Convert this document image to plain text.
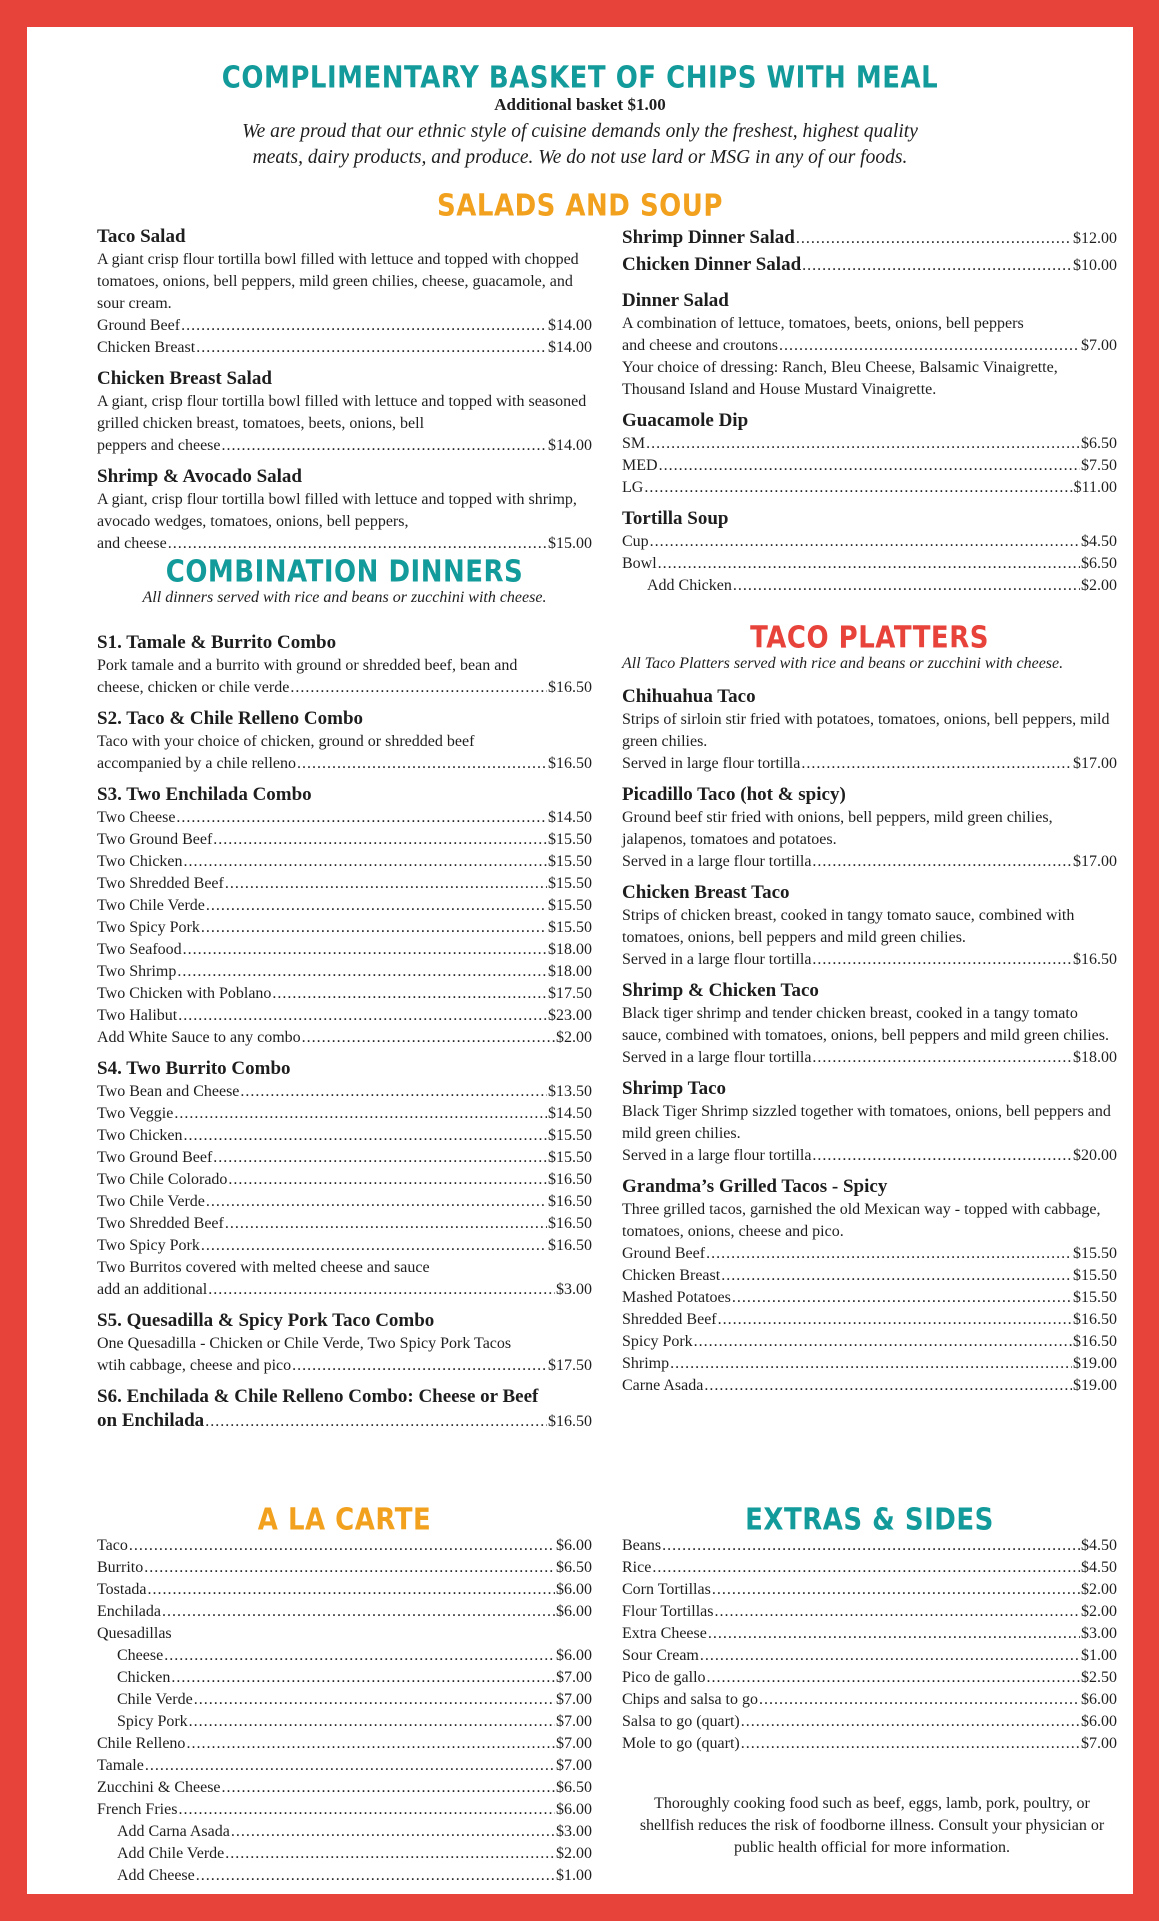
COMPLIMENTARY BASKET OF CHIPS WITH MEAL
Additional basket $1.00
We are proud that our ethnic style of cuisine demands only the freshest, highest quality meats, dairy products, and produce. We do not use lard or MSG in any of our foods.
SALADS AND SOUP
Taco Salad
A giant crisp flour tortilla bowl filled with lettuce and topped with chopped tomatoes, onions, bell peppers, mild green chilies, cheese, guacamole, and sour cream.
Ground Beef .....	$14.00
Chicken Breast .....	$14.00
Chicken Breast Salad
A giant, crisp flour tortilla bowl filled with lettuce and topped with seasoned grilled chicken breast, tomatoes, beets, onions, bell
peppers and cheese .....	$14.00
Shrimp & Avocado Salad
A giant, crisp flour tortilla bowl filled with lettuce and topped with shrimp, avocado wedges, tomatoes, onions, bell peppers,
and cheese .....	$15.00
COMBINATION DINNERS
All dinners served with rice and beans or zucchini with cheese.
S1. Tamale & Burrito Combo
Pork tamale and a burrito with ground or shredded beef, bean and
cheese, chicken or chile verde .....	$16.50
S2. Taco & Chile Relleno Combo
Taco with your choice of chicken, ground or shredded beef
accompanied by a chile relleno .....	$16.50
S3. Two Enchilada Combo
Two Cheese .....	$14.50
Two Ground Beef .....	$15.50
Two Chicken .....	$15.50
Two Shredded Beef .....	$15.50
Two Chile Verde .....	$15.50
Two Spicy Pork .....	$15.50
Two Seafood .....	$18.00
Two Shrimp .....	$18.00
Two Chicken with Poblano .....	$17.50
Two Halibut .....	$23.00
Add White Sauce to any combo .....	$2.00
S4. Two Burrito Combo
Two Bean and Cheese .....	$13.50
Two Veggie .....	$14.50
Two Chicken .....	$15.50
Two Ground Beef .....	$15.50
Two Chile Colorado .....	$16.50
Two Chile Verde .....	$16.50
Two Shredded Beef .....	$16.50
Two Spicy Pork .....	$16.50
Two Burritos covered with melted cheese and sauce
add an additional .....	$3.00
S5. Quesadilla & Spicy Pork Taco Combo
One Quesadilla - Chicken or Chile Verde, Two Spicy Pork Tacos
wtih cabbage, cheese and pico .....	$17.50
S6. Enchilada & Chile Relleno Combo: Cheese or Beef
on Enchilada .....	$16.50
A LA CARTE
Taco .....	$6.00
Burrito .....	$6.50
Tostada .....	$6.00
Enchilada .....	$6.00
Quesadillas
Cheese .....	$6.00
Chicken .....	$7.00
Chile Verde .....	$7.00
Spicy Pork .....	$7.00
Chile Relleno .....	$7.00
Tamale .....	$7.00
Zucchini & Cheese .....	$6.50
French Fries .....	$6.00
Add Carna Asada .....	$3.00
Add Chile Verde .....	$2.00
Add Cheese .....	$1.00
Shrimp Dinner Salad .....	$12.00
Chicken Dinner Salad .....	$10.00
Dinner Salad
A combination of lettuce, tomatoes, beets, onions, bell peppers
and cheese and croutons .....	$7.00
Your choice of dressing: Ranch, Bleu Cheese, Balsamic Vinaigrette, Thousand Island and House Mustard Vinaigrette.
Guacamole Dip
SM .....	$6.50
MED .....	$7.50
LG .....	$11.00
Tortilla Soup
Cup .....	$4.50
Bowl .....	$6.50
Add Chicken .....	$2.00
TACO PLATTERS
All Taco Platters served with rice and beans or zucchini with cheese.
Chihuahua Taco
Strips of sirloin stir fried with potatoes, tomatoes, onions, bell peppers, mild green chilies.
Served in large flour tortilla .....	$17.00
Picadillo Taco (hot & spicy)
Ground beef stir fried with onions, bell peppers, mild green chilies, jalapenos, tomatoes and potatoes.
Served in a large flour tortilla .....	$17.00
Chicken Breast Taco
Strips of chicken breast, cooked in tangy tomato sauce, combined with tomatoes, onions, bell peppers and mild green chilies.
Served in a large flour tortilla .....	$16.50
Shrimp & Chicken Taco
Black tiger shrimp and tender chicken breast, cooked in a tangy tomato sauce, combined with tomatoes, onions, bell peppers and mild green chilies.
Served in a large flour tortilla .....	$18.00
Shrimp Taco
Black Tiger Shrimp sizzled together with tomatoes, onions, bell peppers and mild green chilies.
Served in a large flour tortilla .....	$20.00
Grandma’s Grilled Tacos - Spicy
Three grilled tacos, garnished the old Mexican way - topped with cabbage, tomatoes, onions, cheese and pico.
Ground Beef .....	$15.50
Chicken Breast .....	$15.50
Mashed Potatoes .....	$15.50
Shredded Beef .....	$16.50
Spicy Pork .....	$16.50
Shrimp .....	$19.00
Carne Asada .....	$19.00
EXTRAS & SIDES
Beans .....	$4.50
Rice .....	$4.50
Corn Tortillas .....	$2.00
Flour Tortillas .....	$2.00
Extra Cheese .....	$3.00
Sour Cream .....	$1.00
Pico de gallo .....	$2.50
Chips and salsa to go .....	$6.00
Salsa to go (quart) .....	$6.00
Mole to go (quart) .....	$7.00
Thoroughly cooking food such as beef, eggs, lamb, pork, poultry, or shellfish reduces the risk of foodborne illness. Consult your physician or public health official for more information.
